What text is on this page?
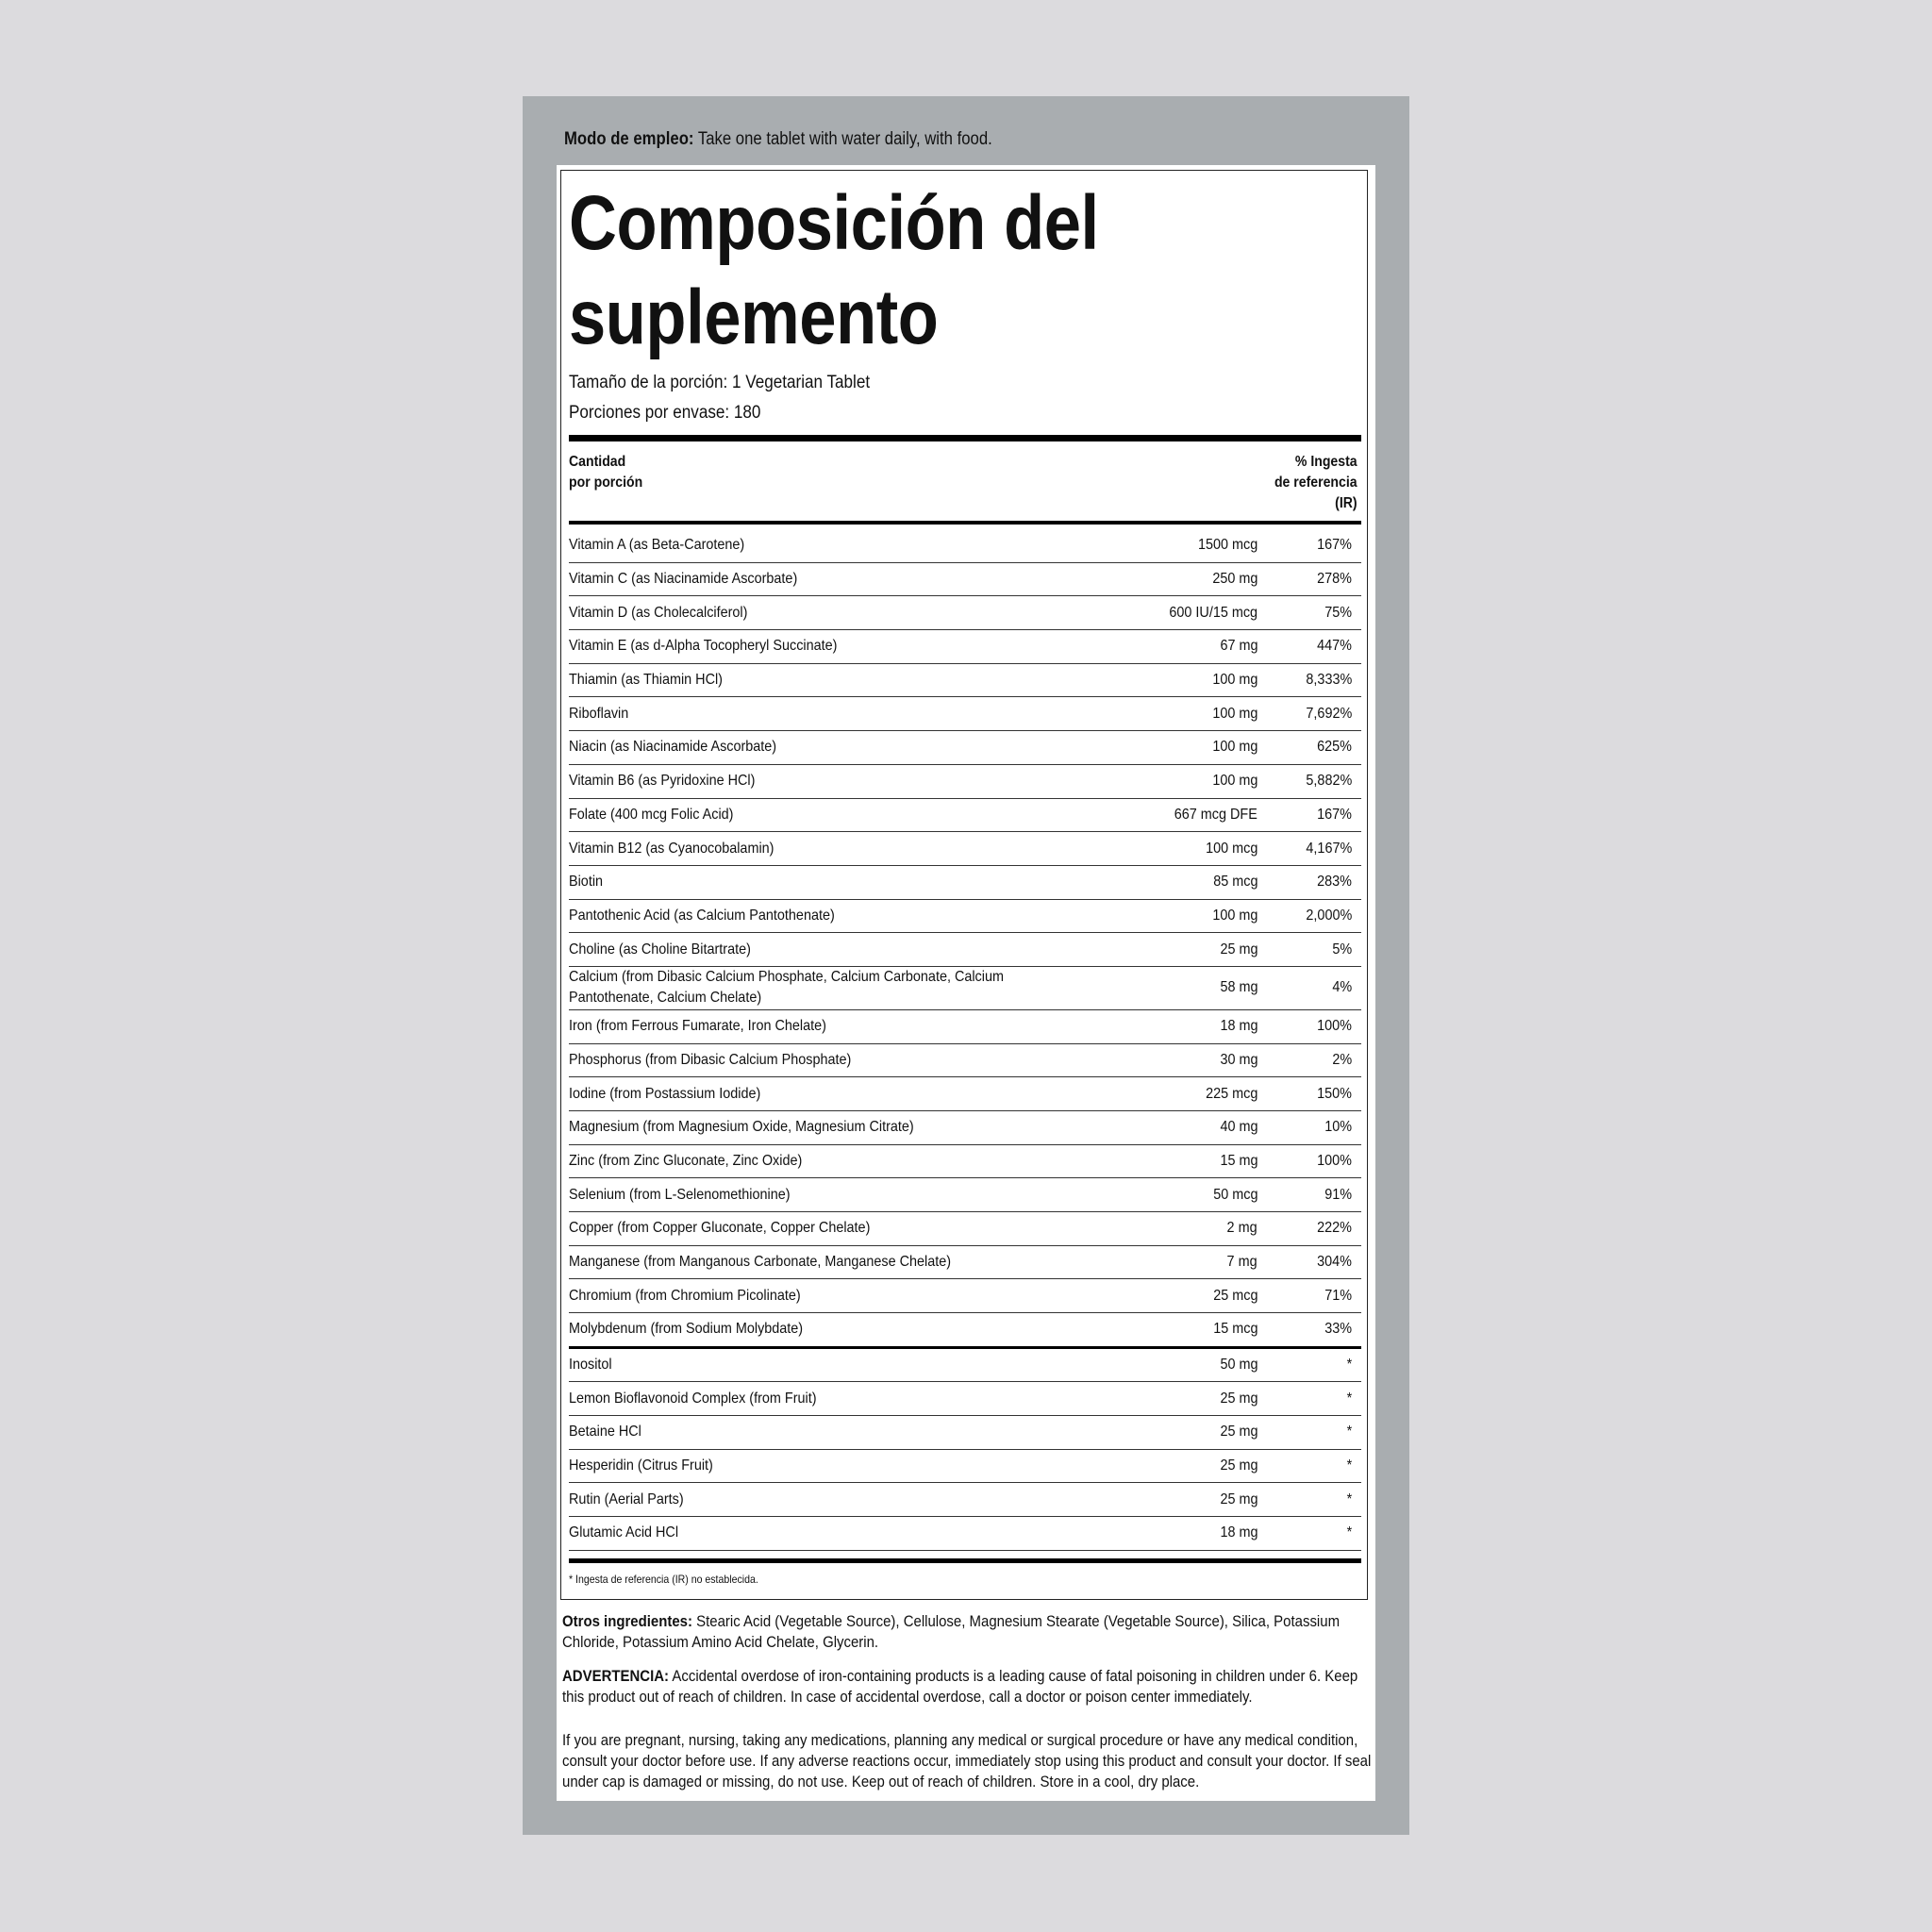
Modo de empleo: Take one tablet with water daily, with food.
Composición del
suplemento
Tamaño de la porción: 1 Vegetarian Tablet
Porciones por envase: 180
Cantidad
por porción
% Ingesta
de referencia
(IR)
Vitamin A (as Beta-Carotene)	1500 mcg	167%
Vitamin C (as Niacinamide Ascorbate)	250 mg	278%
Vitamin D (as Cholecalciferol)	600 IU/15 mcg	75%
Vitamin E (as d-Alpha Tocopheryl Succinate)	67 mg	447%
Thiamin (as Thiamin HCl)	100 mg	8,333%
Riboflavin	100 mg	7,692%
Niacin (as Niacinamide Ascorbate)	100 mg	625%
Vitamin B6 (as Pyridoxine HCl)	100 mg	5,882%
Folate (400 mcg Folic Acid)	667 mcg DFE	167%
Vitamin B12 (as Cyanocobalamin)	100 mcg	4,167%
Biotin	85 mcg	283%
Pantothenic Acid (as Calcium Pantothenate)	100 mg	2,000%
Choline (as Choline Bitartrate)	25 mg	5%
Calcium (from Dibasic Calcium Phosphate, Calcium Carbonate, Calcium Pantothenate, Calcium Chelate)
58 mg	4%
Iron (from Ferrous Fumarate, Iron Chelate)	18 mg	100%
Phosphorus (from Dibasic Calcium Phosphate)	30 mg	2%
Iodine (from Postassium Iodide)	225 mcg	150%
Magnesium (from Magnesium Oxide, Magnesium Citrate)	40 mg	10%
Zinc (from Zinc Gluconate, Zinc Oxide)	15 mg	100%
Selenium (from L-Selenomethionine)	50 mcg	91%
Copper (from Copper Gluconate, Copper Chelate)	2 mg	222%
Manganese (from Manganous Carbonate, Manganese Chelate)	7 mg	304%
Chromium (from Chromium Picolinate)	25 mcg	71%
Molybdenum (from Sodium Molybdate)	15 mcg	33%
Inositol	50 mg	*
Lemon Bioflavonoid Complex (from Fruit)	25 mg	*
Betaine HCl	25 mg	*
Hesperidin (Citrus Fruit)	25 mg	*
Rutin (Aerial Parts)	25 mg	*
Glutamic Acid HCl	18 mg	*
* Ingesta de referencia (IR) no establecida.
Otros ingredientes: Stearic Acid (Vegetable Source), Cellulose, Magnesium Stearate (Vegetable Source), Silica, Potassium Chloride, Potassium Amino Acid Chelate, Glycerin.
ADVERTENCIA: Accidental overdose of iron-containing products is a leading cause of fatal poisoning in children under 6. Keep this product out of reach of children. In case of accidental overdose, call a doctor or poison center immediately.
If you are pregnant, nursing, taking any medications, planning any medical or surgical procedure or have any medical condition, consult your doctor before use. If any adverse reactions occur, immediately stop using this product and consult your doctor. If seal under cap is damaged or missing, do not use. Keep out of reach of children. Store in a cool, dry place.
